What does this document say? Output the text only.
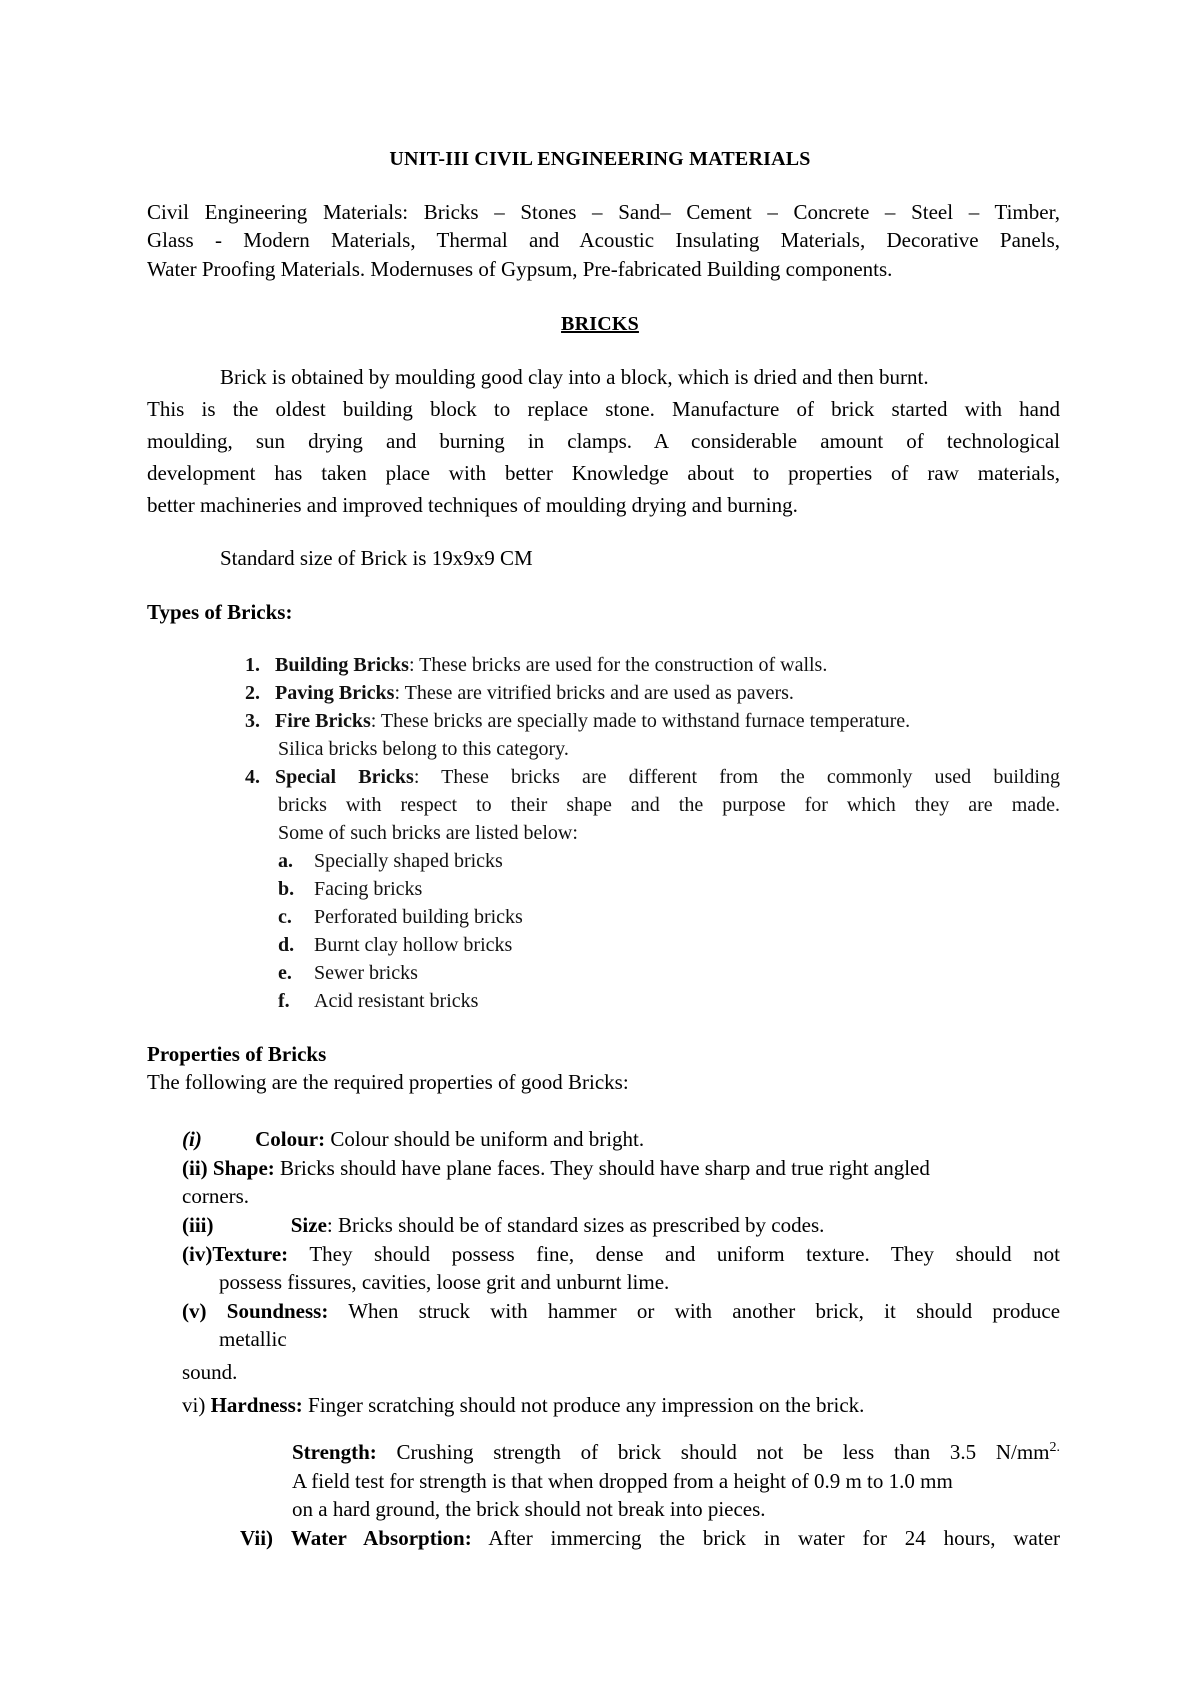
UNIT-III CIVIL ENGINEERING MATERIALS
Civil Engineering Materials: Bricks – Stones – Sand– Cement – Concrete – Steel – Timber,
Glass - Modern Materials, Thermal and Acoustic Insulating Materials, Decorative Panels,
Water Proofing Materials. Modernuses of Gypsum, Pre-fabricated Building components.
BRICKS
Brick is obtained by moulding good clay into a block, which is dried and then burnt.
This is the oldest building block to replace stone. Manufacture of brick started with hand
moulding, sun drying and burning in clamps. A considerable amount of technological
development has taken place with better Knowledge about to properties of raw materials,
better machineries and improved techniques of moulding drying and burning.
Standard size of Brick is 19x9x9 CM
Types of Bricks:
1. Building Bricks: These bricks are used for the construction of walls.
2. Paving Bricks: These are vitrified bricks and are used as pavers.
3. Fire Bricks: These bricks are specially made to withstand furnace temperature.
Silica bricks belong to this category.
4. Special Bricks: These bricks are different from the commonly used building
bricks with respect to their shape and the purpose for which they are made.
Some of such bricks are listed below:
a. Specially shaped bricks
b. Facing bricks
c. Perforated building bricks
d. Burnt clay hollow bricks
e. Sewer bricks
f. Acid resistant bricks
Properties of Bricks
The following are the required properties of good Bricks:
(i)	Colour: Colour should be uniform and bright.
(ii) Shape: Bricks should have plane faces. They should have sharp and true right angled
corners.
(iii)	Size: Bricks should be of standard sizes as prescribed by codes.
(iv)Texture: They should possess fine, dense and uniform texture. They should not
possess fissures, cavities, loose grit and unburnt lime.
(v) Soundness: When struck with hammer or with another brick, it should produce
metallic
sound.
vi) Hardness: Finger scratching should not produce any impression on the brick.
Strength: Crushing strength of brick should not be less than 3.5 $N/mm^{2.}$
A field test for strength is that when dropped from a height of 0.9 m to 1.0 mm
on a hard ground, the brick should not break into pieces.
Vii) Water Absorption: After immercing the brick in water for 24 hours, water
